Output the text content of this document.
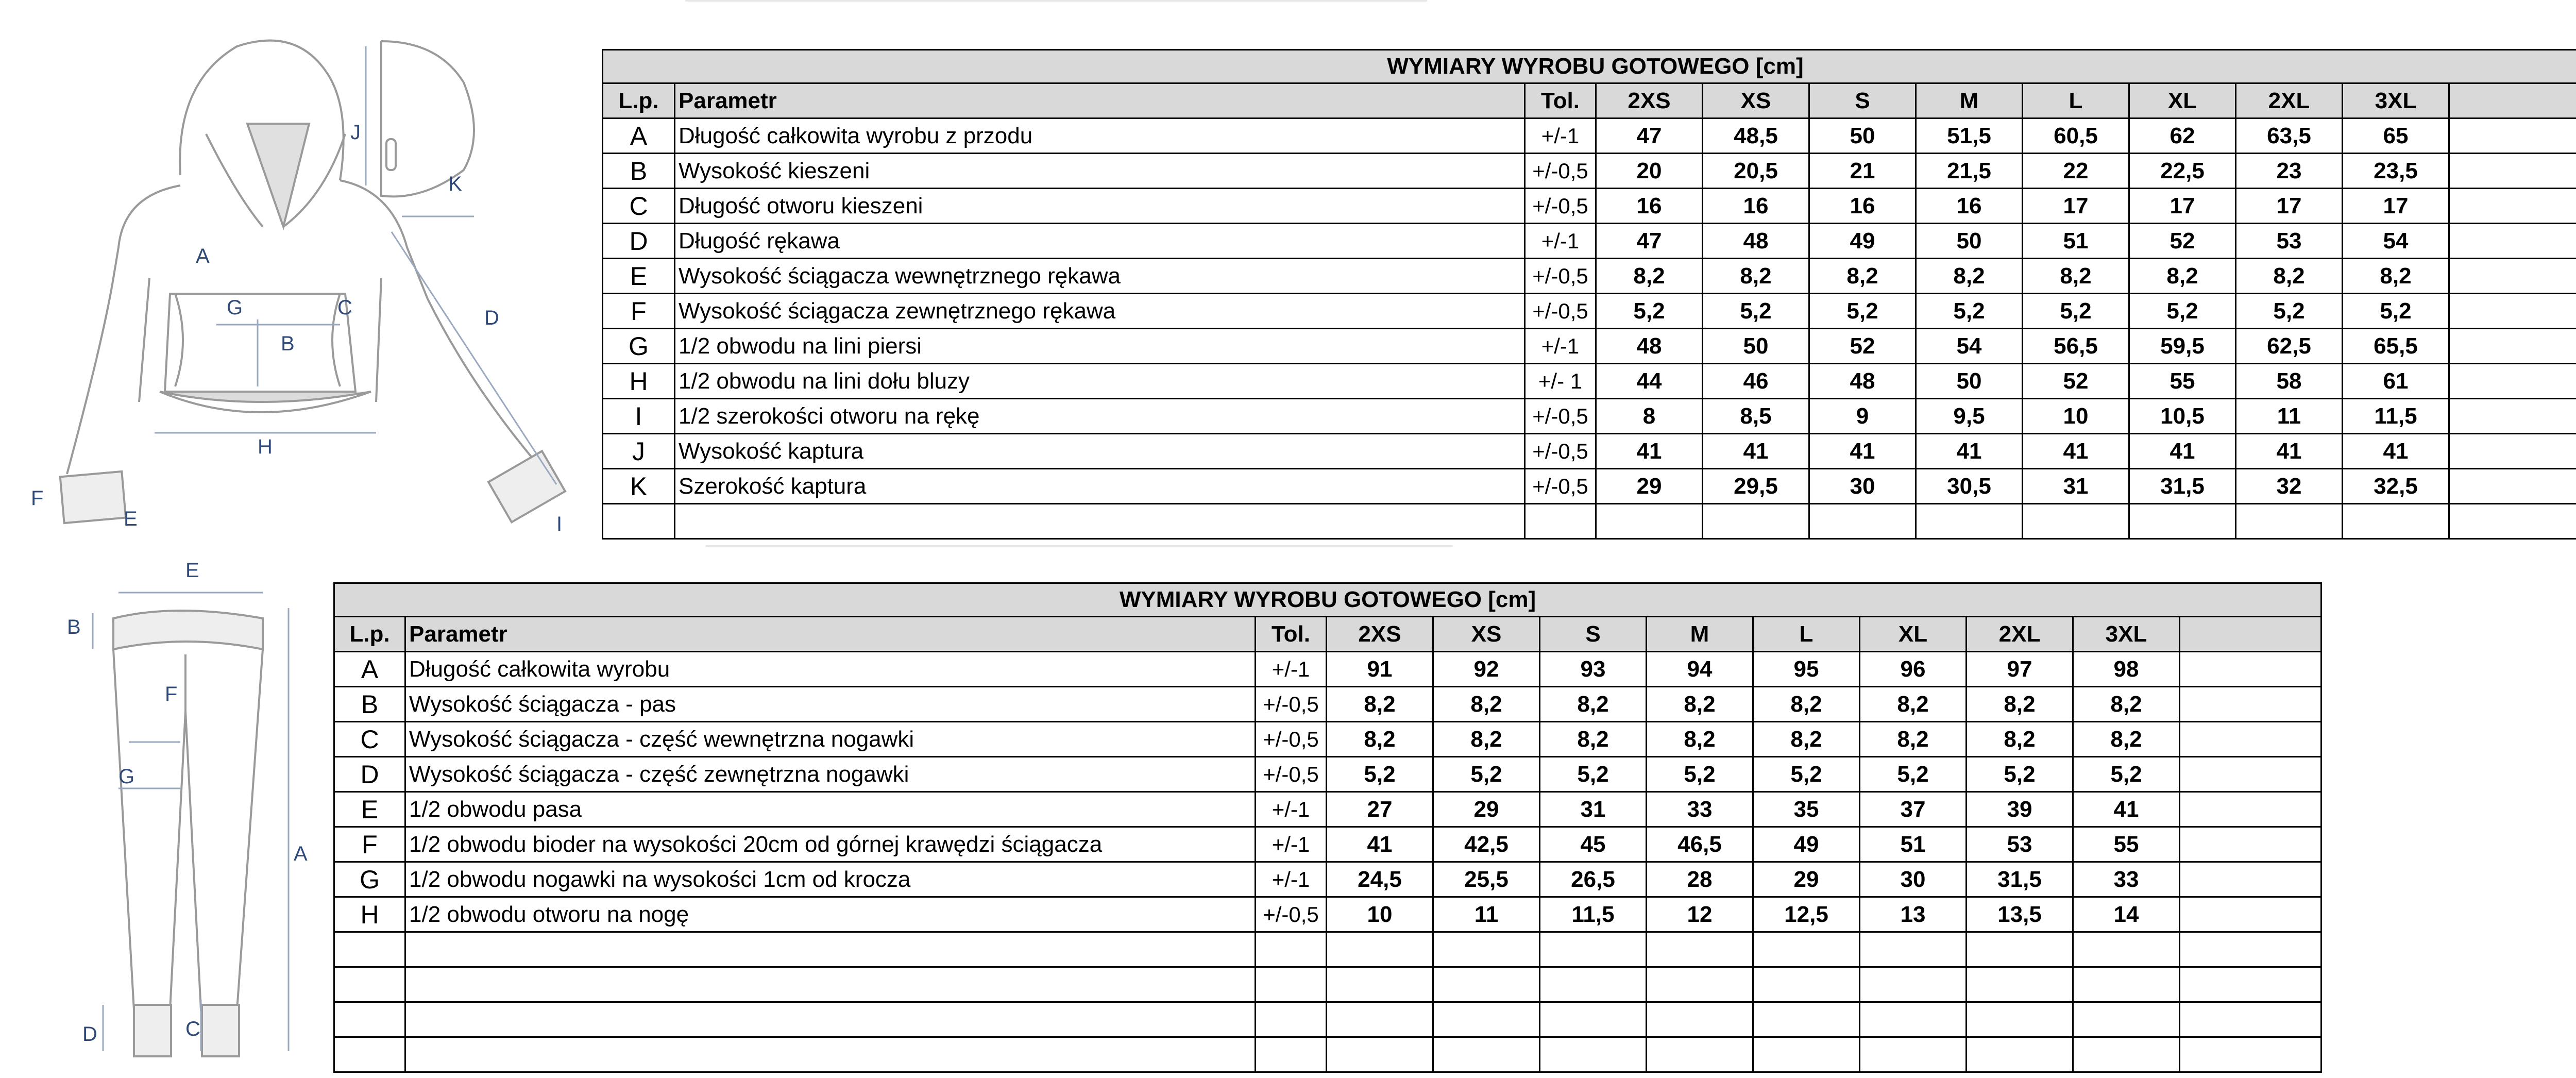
A
B
C	D
E
F
G
H
I
J
K
A
B
C
D
E
F
G
WYMIARY WYROBU GOTOWEGO [cm]											
L.p.	Parametr	Tol.	2XS	XS	S	M	L	XL	2XL	3XL	
A	Długość całkowita wyrobu z przodu	+/-1	47	48,5	50	51,5	60,5	62	63,5	65	
B	Wysokość kieszeni	+/-0,5	20	20,5	21	21,5	22	22,5	23	23,5	
C	Długość otworu kieszeni	+/-0,5	16	16	16	16	17	17	17	17	
D	Długość rękawa	+/-1	47	48	49	50	51	52	53	54	
E	Wysokość ściągacza wewnętrznego rękawa	+/-0,5	8,2	8,2	8,2	8,2	8,2	8,2	8,2	8,2	
F	Wysokość ściągacza zewnętrznego rękawa	+/-0,5	5,2	5,2	5,2	5,2	5,2	5,2	5,2	5,2	
G	1/2 obwodu na lini piersi	+/-1	48	50	52	54	56,5	59,5	62,5	65,5	
H	1/2 obwodu na lini dołu bluzy	+/- 1	44	46	48	50	52	55	58	61	
I	1/2 szerokości otworu na rękę	+/-0,5	8	8,5	9	9,5	10	10,5	11	11,5	
J	Wysokość kaptura	+/-0,5	41	41	41	41	41	41	41	41	
K	Szerokość kaptura	+/-0,5	29	29,5	30	30,5	31	31,5	32	32,5	

WYMIARY WYROBU GOTOWEGO [cm]											
L.p.	Parametr	Tol.	2XS	XS	S	M	L	XL	2XL	3XL	
A	Długość całkowita wyrobu	+/-1	91	92	93	94	95	96	97	98	
B	Wysokość ściągacza - pas	+/-0,5	8,2	8,2	8,2	8,2	8,2	8,2	8,2	8,2	
C	Wysokość ściągacza - część wewnętrzna nogawki	+/-0,5	8,2	8,2	8,2	8,2	8,2	8,2	8,2	8,2	
D	Wysokość ściągacza - część zewnętrzna nogawki	+/-0,5	5,2	5,2	5,2	5,2	5,2	5,2	5,2	5,2	
E	1/2 obwodu pasa	+/-1	27	29	31	33	35	37	39	41	
F	1/2 obwodu bioder na wysokości 20cm od górnej krawędzi ściągacza	+/-1	41	42,5	45	46,5	49	51	53	55	
G	1/2 obwodu nogawki na wysokości 1cm od krocza	+/-1	24,5	25,5	26,5	28	29	30	31,5	33	
H	1/2 obwodu otworu na nogę	+/-0,5	10	11	11,5	12	12,5	13	13,5	14	
